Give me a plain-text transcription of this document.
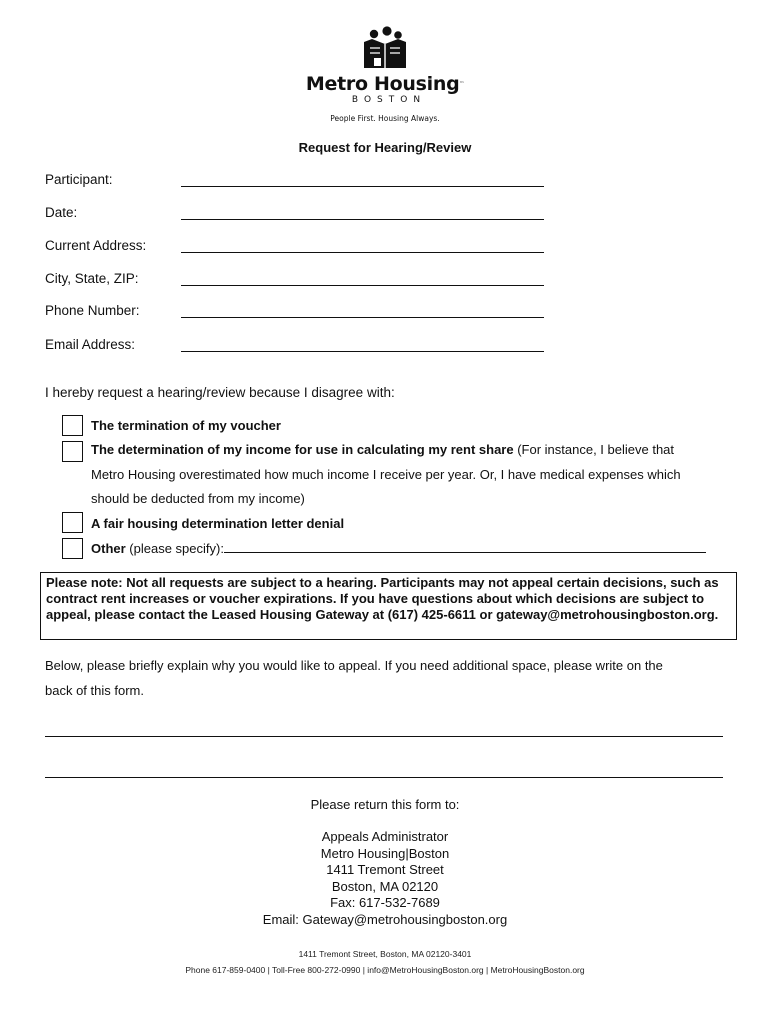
Metro Housing™
BOSTON
People First. Housing Always.
Request for Hearing/Review
Participant:
Date:
Current Address:
City, State, ZIP:
Phone Number:
Email Address:
I hereby request a hearing/review because I disagree with:
The termination of my voucher
The determination of my income for use in calculating my rent share (For instance, I believe that
Metro Housing overestimated how much income I receive per year. Or, I have medical expenses which
should be deducted from my income)
A fair housing determination letter denial
Other (please specify):
Please note: Not all requests are subject to a hearing. Participants may not appeal certain decisions, such as contract rent increases or voucher expirations. If you have questions about which decisions are subject to appeal, please contact the Leased Housing Gateway at (617) 425-6611 or gateway@metrohousingboston.org.
Below, please briefly explain why you would like to appeal. If you need additional space, please write on the
back of this form.
Please return this form to:
Appeals Administrator
Metro Housing|Boston
1411 Tremont Street
Boston, MA 02120
Fax: 617-532-7689
Email: Gateway@metrohousingboston.org
1411 Tremont Street, Boston, MA 02120-3401
Phone 617-859-0400 | Toll-Free 800-272-0990 | info@MetroHousingBoston.org | MetroHousingBoston.org
